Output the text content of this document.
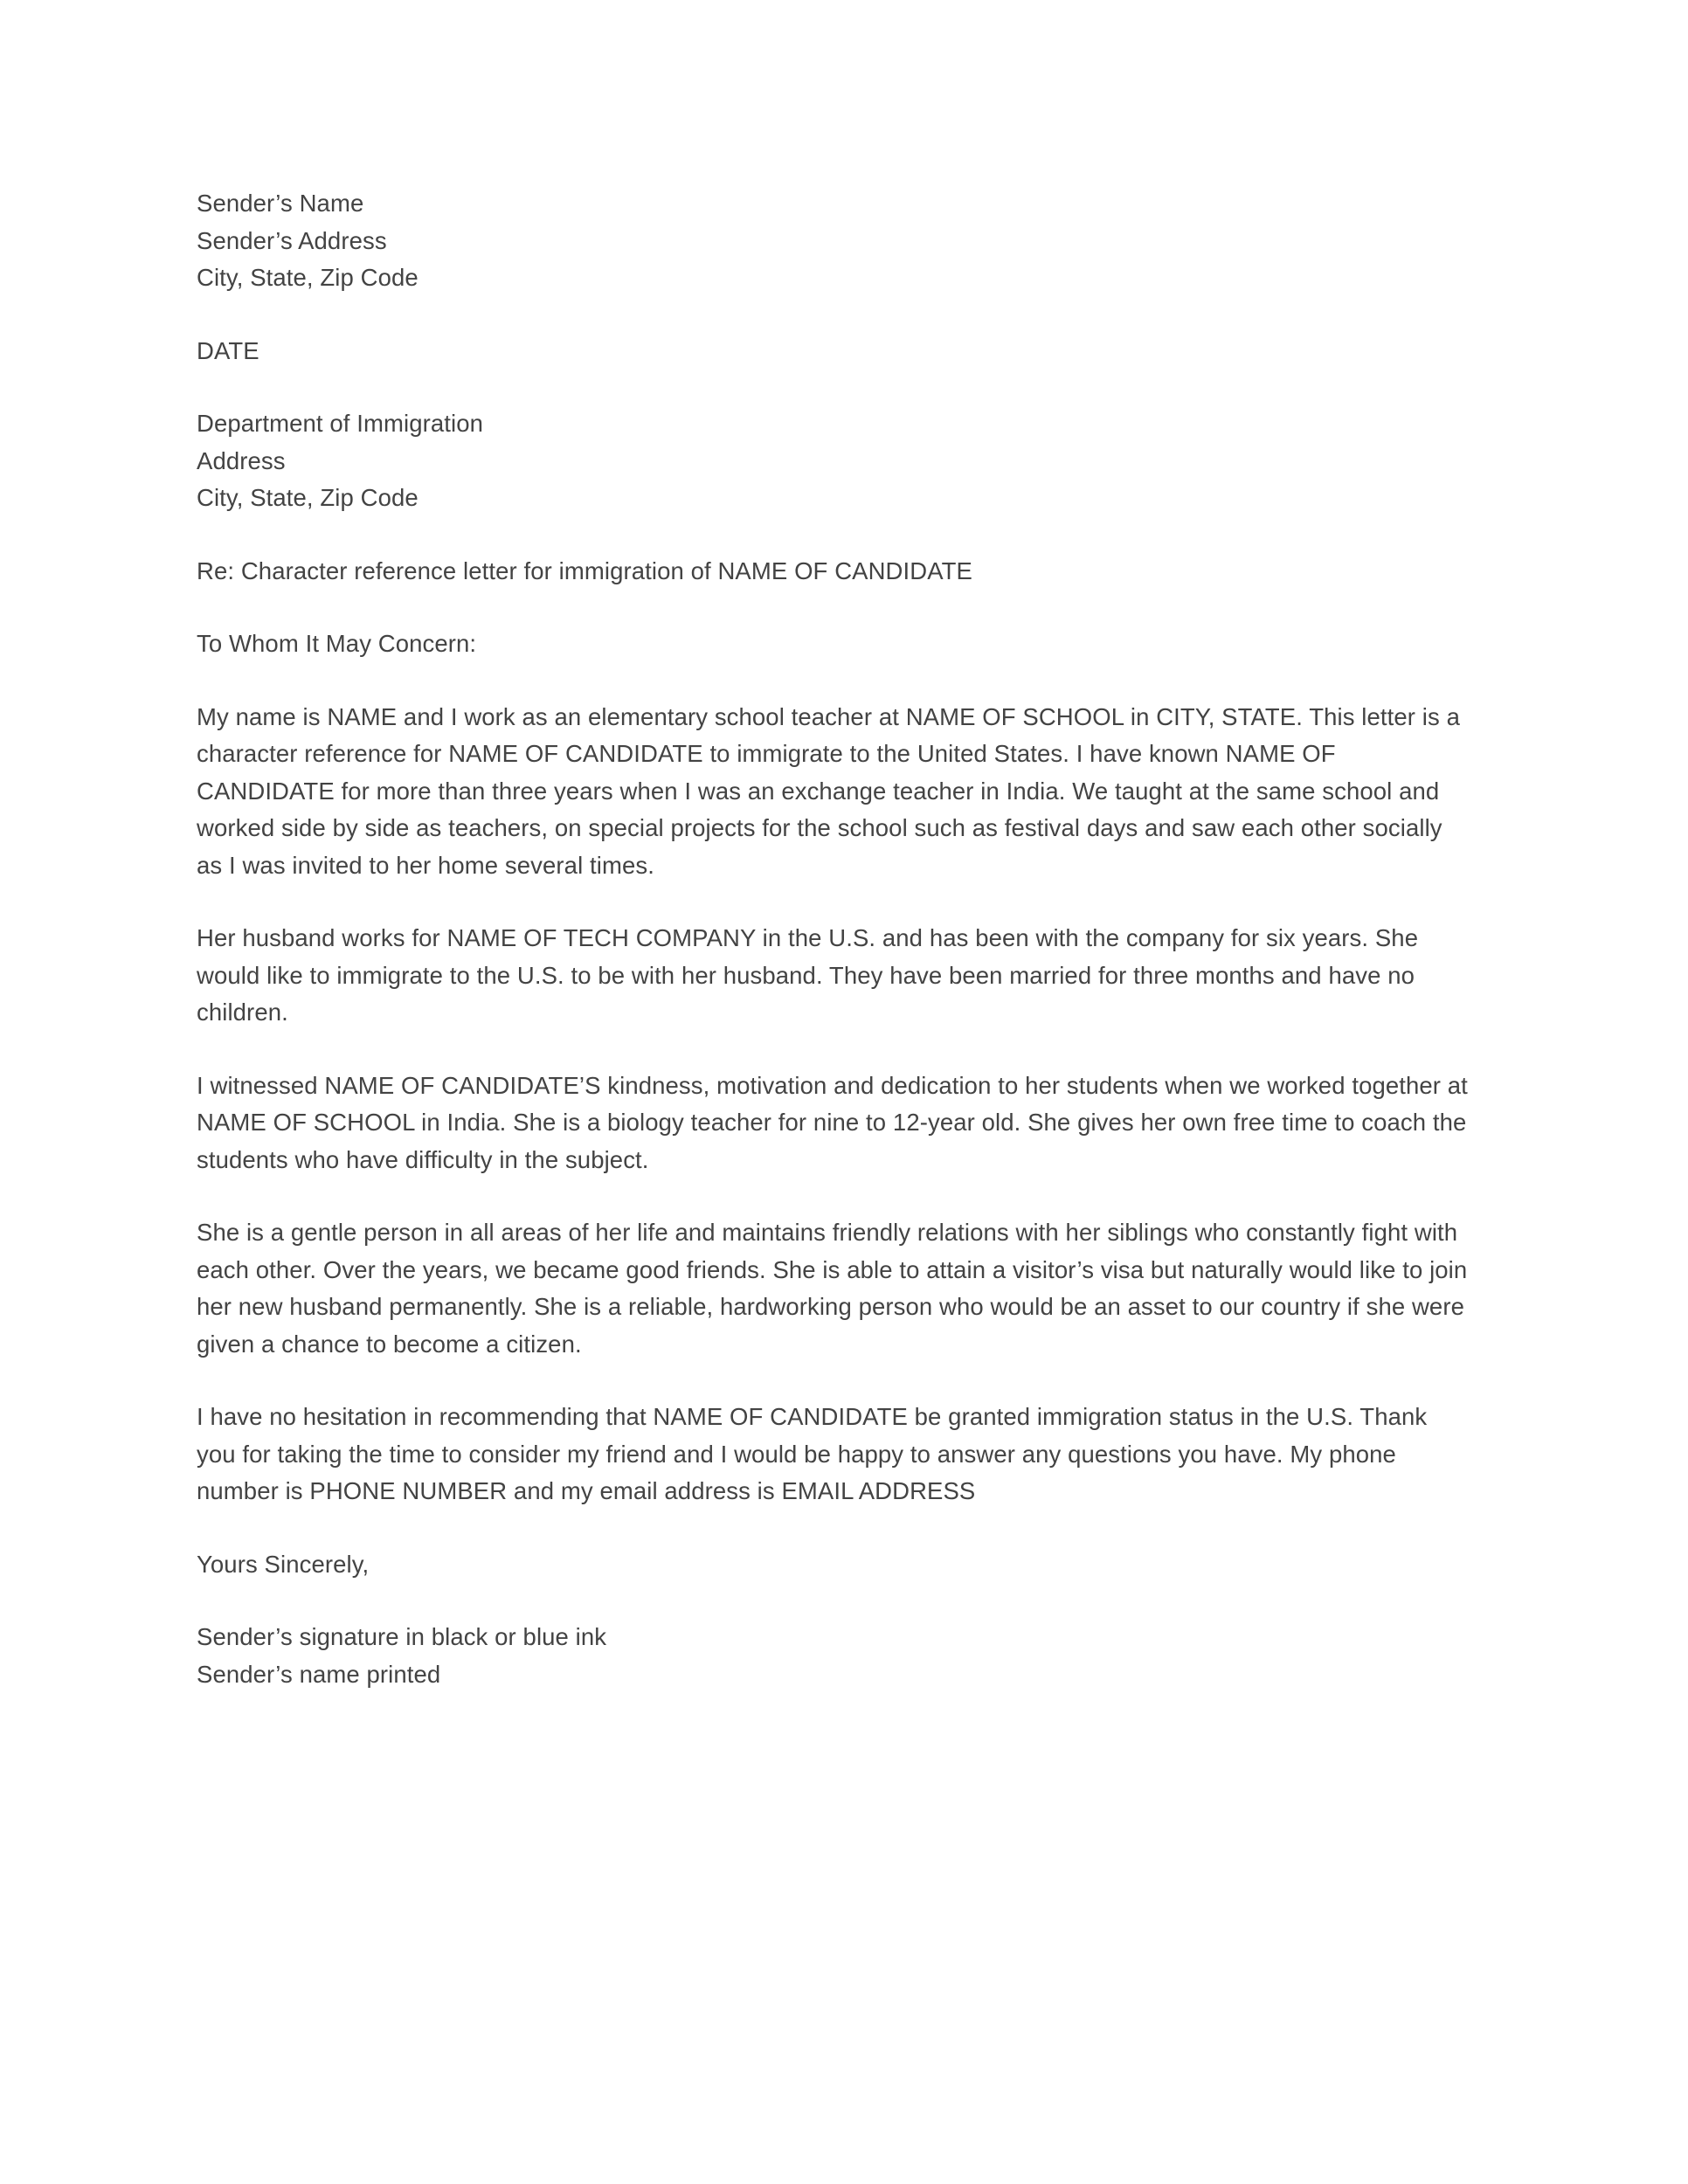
Sender’s Name
Sender’s Address
City, State, Zip Code
DATE
Department of Immigration
Address
City, State, Zip Code
Re: Character reference letter for immigration of NAME OF CANDIDATE
To Whom It May Concern:

My name is NAME and I work as an elementary school teacher at NAME OF SCHOOL in CITY, STATE. This letter is a character reference for NAME OF CANDIDATE to immigrate to the United States. I have known NAME OF CANDIDATE for more than three years when I was an exchange teacher in India. We taught at the same school and worked side by side as teachers, on special projects for the school such as festival days and saw each other socially as I was invited to her home several times.

Her husband works for NAME OF TECH COMPANY in the U.S. and has been with the company for six years. She would like to immigrate to the U.S. to be with her husband. They have been married for three months and have no children.

I witnessed NAME OF CANDIDATE’S kindness, motivation and dedication to her students when we worked together at NAME OF SCHOOL in India. She is a biology teacher for nine to 12-year old. She gives her own free time to coach the students who have difficulty in the subject.

She is a gentle person in all areas of her life and maintains friendly relations with her siblings who constantly fight with each other. Over the years, we became good friends. She is able to attain a visitor’s visa but naturally would like to join her new husband permanently. She is a reliable, hardworking person who would be an asset to our country if she were given a chance to become a citizen.

I have no hesitation in recommending that NAME OF CANDIDATE be granted immigration status in the U.S. Thank you for taking the time to consider my friend and I would be happy to answer any questions you have. My phone number is PHONE NUMBER and my email address is EMAIL ADDRESS

Yours Sincerely,
Sender’s signature in black or blue ink
Sender’s name printed
